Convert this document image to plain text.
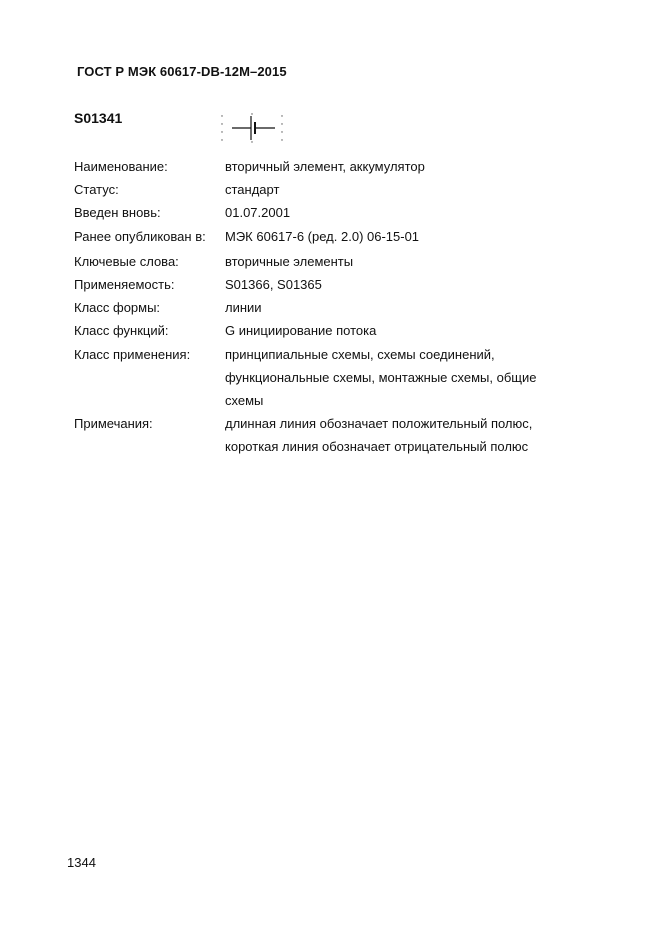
ГОСТ Р МЭК 60617-DB-12M–2015
S01341
Наименование:	вторичный элемент, аккумулятор
Статус:	стандарт
Введен вновь:	01.07.2001
Ранее опубликован в:	МЭК 60617-6 (ред. 2.0) 06-15-01
Ключевые слова:	вторичные элементы
Применяемость:	S01366, S01365
Класс формы:	линии
Класс функций:	G инициирование потока
Класс применения:	принципиальные схемы, схемы соединений,
функциональные схемы, монтажные схемы, общие
схемы
Примечания:	длинная линия обозначает положительный полюс,
короткая линия обозначает отрицательный полюс
1344
